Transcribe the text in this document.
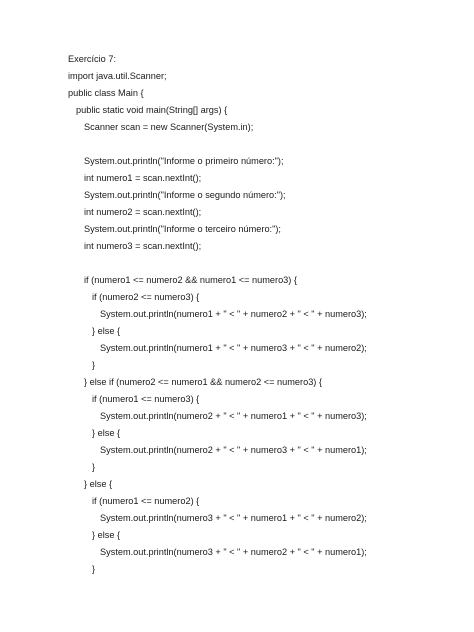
Exercício 7:
import java.util.Scanner;
public class Main {
public static void main(String[] args) {
Scanner scan = new Scanner(System.in);
System.out.println("Informe o primeiro número:");
int numero1 = scan.nextInt();
System.out.println("Informe o segundo número:");
int numero2 = scan.nextInt();
System.out.println("Informe o terceiro número:");
int numero3 = scan.nextInt();
if (numero1 <= numero2 && numero1 <= numero3) {
if (numero2 <= numero3) {
System.out.println(numero1 + " < " + numero2 + " < " + numero3);
} else {
System.out.println(numero1 + " < " + numero3 + " < " + numero2);
}
} else if (numero2 <= numero1 && numero2 <= numero3) {
if (numero1 <= numero3) {
System.out.println(numero2 + " < " + numero1 + " < " + numero3);
} else {
System.out.println(numero2 + " < " + numero3 + " < " + numero1);
}
} else {
if (numero1 <= numero2) {
System.out.println(numero3 + " < " + numero1 + " < " + numero2);
} else {
System.out.println(numero3 + " < " + numero2 + " < " + numero1);
}
